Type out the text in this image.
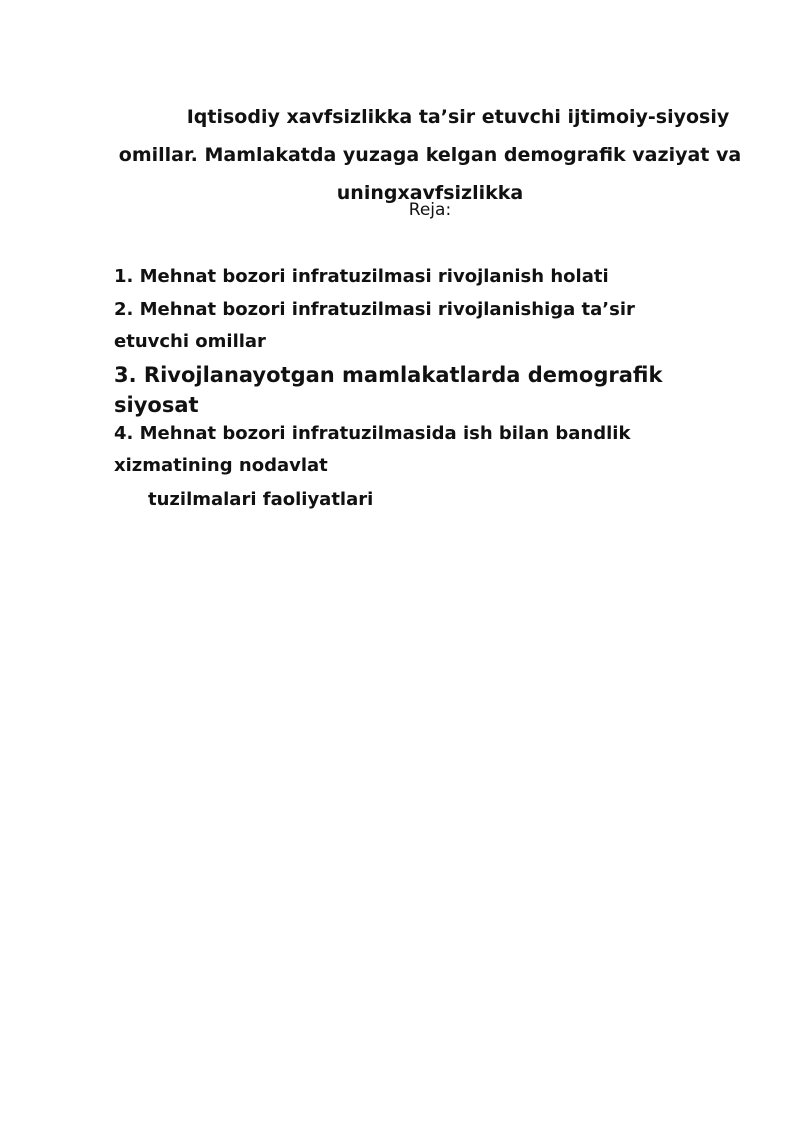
Iqtisodiy xavfsizlikka ta’sir etuvchi ijtimoiy-siyosiy
omillar. Mamlakatda yuzaga kelgan demografik vaziyat va
uningxavfsizlikka

Reja:

1. Mehnat bozori infratuzilmasi rivojlanish holati

2. Mehnat bozori infratuzilmasi rivojlanishiga ta’sir etuvchi omillar

3. Rivojlanayotgan mamlakatlarda demografik siyosat

4. Mehnat bozori infratuzilmasida ish bilan bandlik xizmatining nodavlat

tuzilmalari faoliyatlari
